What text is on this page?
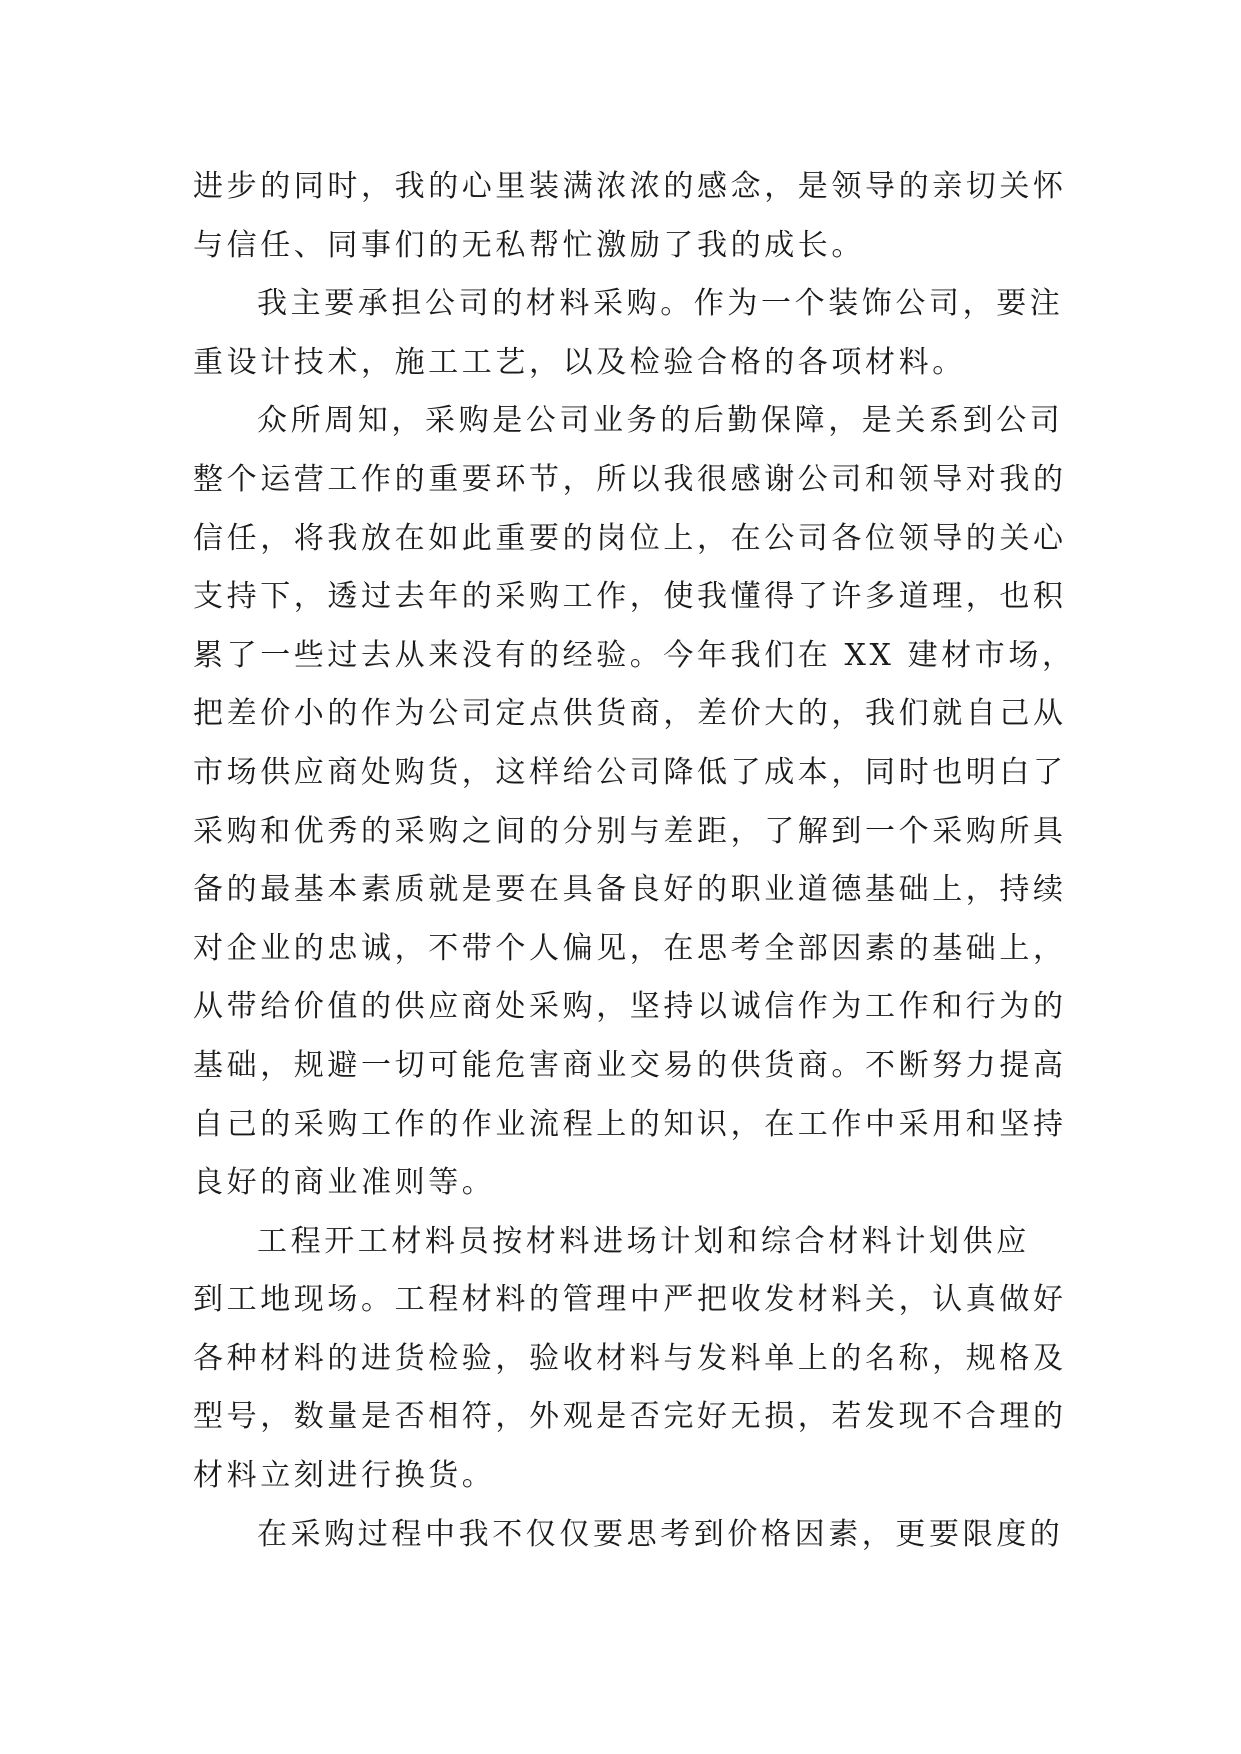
进步的同时，我的心里装满浓浓的感念，是领导的亲切关怀
与信任、同事们的无私帮忙激励了我的成长。
我主要承担公司的材料采购。作为一个装饰公司，要注
重设计技术，施工工艺，以及检验合格的各项材料。
众所周知，采购是公司业务的后勤保障，是关系到公司
整个运营工作的重要环节，所以我很感谢公司和领导对我的
信任，将我放在如此重要的岗位上，在公司各位领导的关心
支持下，透过去年的采购工作，使我懂得了许多道理，也积
累了一些过去从来没有的经验。今年我们在 XX 建材市场，
把差价小的作为公司定点供货商，差价大的，我们就自己从
市场供应商处购货，这样给公司降低了成本，同时也明白了
采购和优秀的采购之间的分别与差距，了解到一个采购所具
备的最基本素质就是要在具备良好的职业道德基础上，持续
对企业的忠诚，不带个人偏见，在思考全部因素的基础上，
从带给价值的供应商处采购，坚持以诚信作为工作和行为的
基础，规避一切可能危害商业交易的供货商。不断努力提高
自己的采购工作的作业流程上的知识，在工作中采用和坚持
良好的商业准则等。
工程开工材料员按材料进场计划和综合材料计划供应
到工地现场。工程材料的管理中严把收发材料关，认真做好
各种材料的进货检验，验收材料与发料单上的名称，规格及
型号，数量是否相符，外观是否完好无损，若发现不合理的
材料立刻进行换货。
在采购过程中我不仅仅要思考到价格因素，更要限度的
